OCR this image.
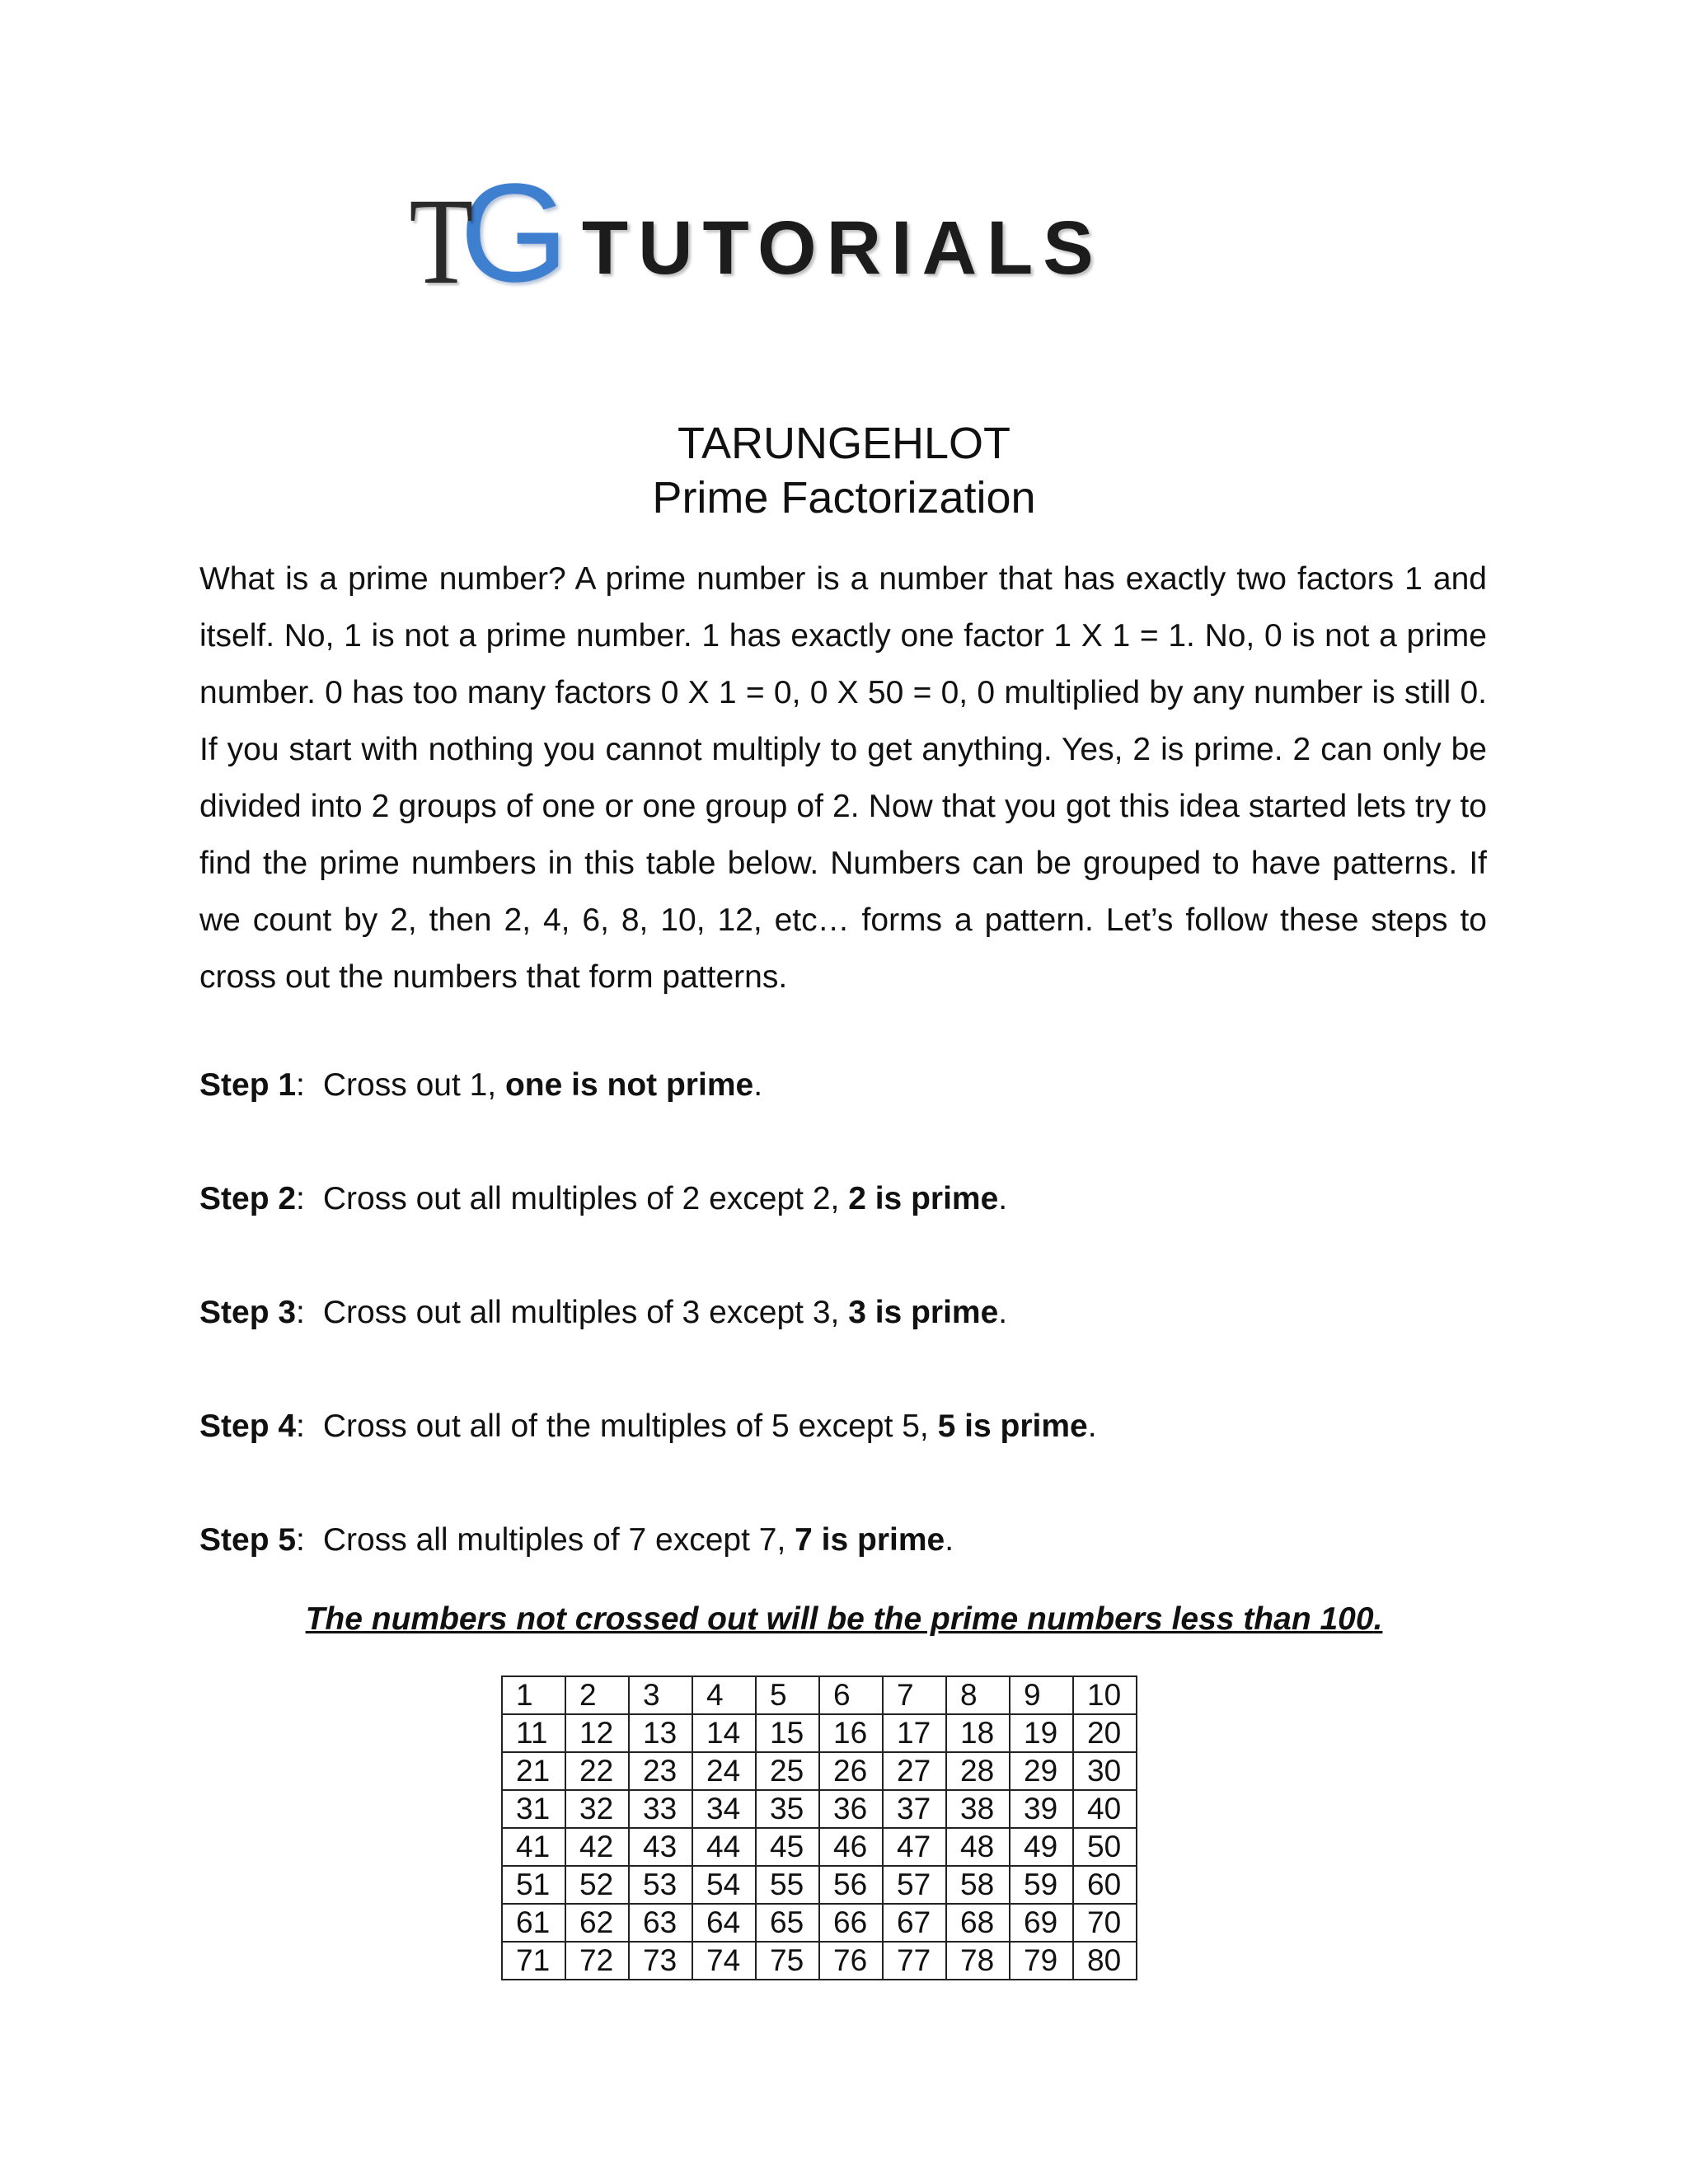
T
G TUTORIALS
TARUNGEHLOT
Prime Factorization

What is a prime number? A prime number is a number that has exactly two factors 1 and itself. No, 1 is not a prime number. 1 has exactly one factor 1 X 1 = 1. No, 0 is not a prime number. 0 has too many factors 0 X 1 = 0, 0 X 50 = 0, 0 multiplied by any number is still 0. If you start with nothing you cannot multiply to get anything. Yes, 2 is prime. 2 can only be divided into 2 groups of one or one group of 2. Now that you got this idea started lets try to find the prime numbers in this table below. Numbers can be grouped to have patterns. If we count by 2, then 2, 4, 6, 8, 10, 12, etc… forms a pattern. Let’s follow these steps to cross out the numbers that form patterns.

Step 1: Cross out 1, one is not prime.

Step 2: Cross out all multiples of 2 except 2, 2 is prime.

Step 3: Cross out all multiples of 3 except 3, 3 is prime.

Step 4: Cross out all of the multiples of 5 except 5, 5 is prime.

Step 5: Cross all multiples of 7 except 7, 7 is prime.

The numbers not crossed out will be the prime numbers less than 100.

1	2	3	4	5	6	7	8	9	10
11	12	13	14	15	16	17	18	19	20
21	22	23	24	25	26	27	28	29	30
31	32	33	34	35	36	37	38	39	40
41	42	43	44	45	46	47	48	49	50
51	52	53	54	55	56	57	58	59	60
61	62	63	64	65	66	67	68	69	70
71	72	73	74	75	76	77	78	79	80
